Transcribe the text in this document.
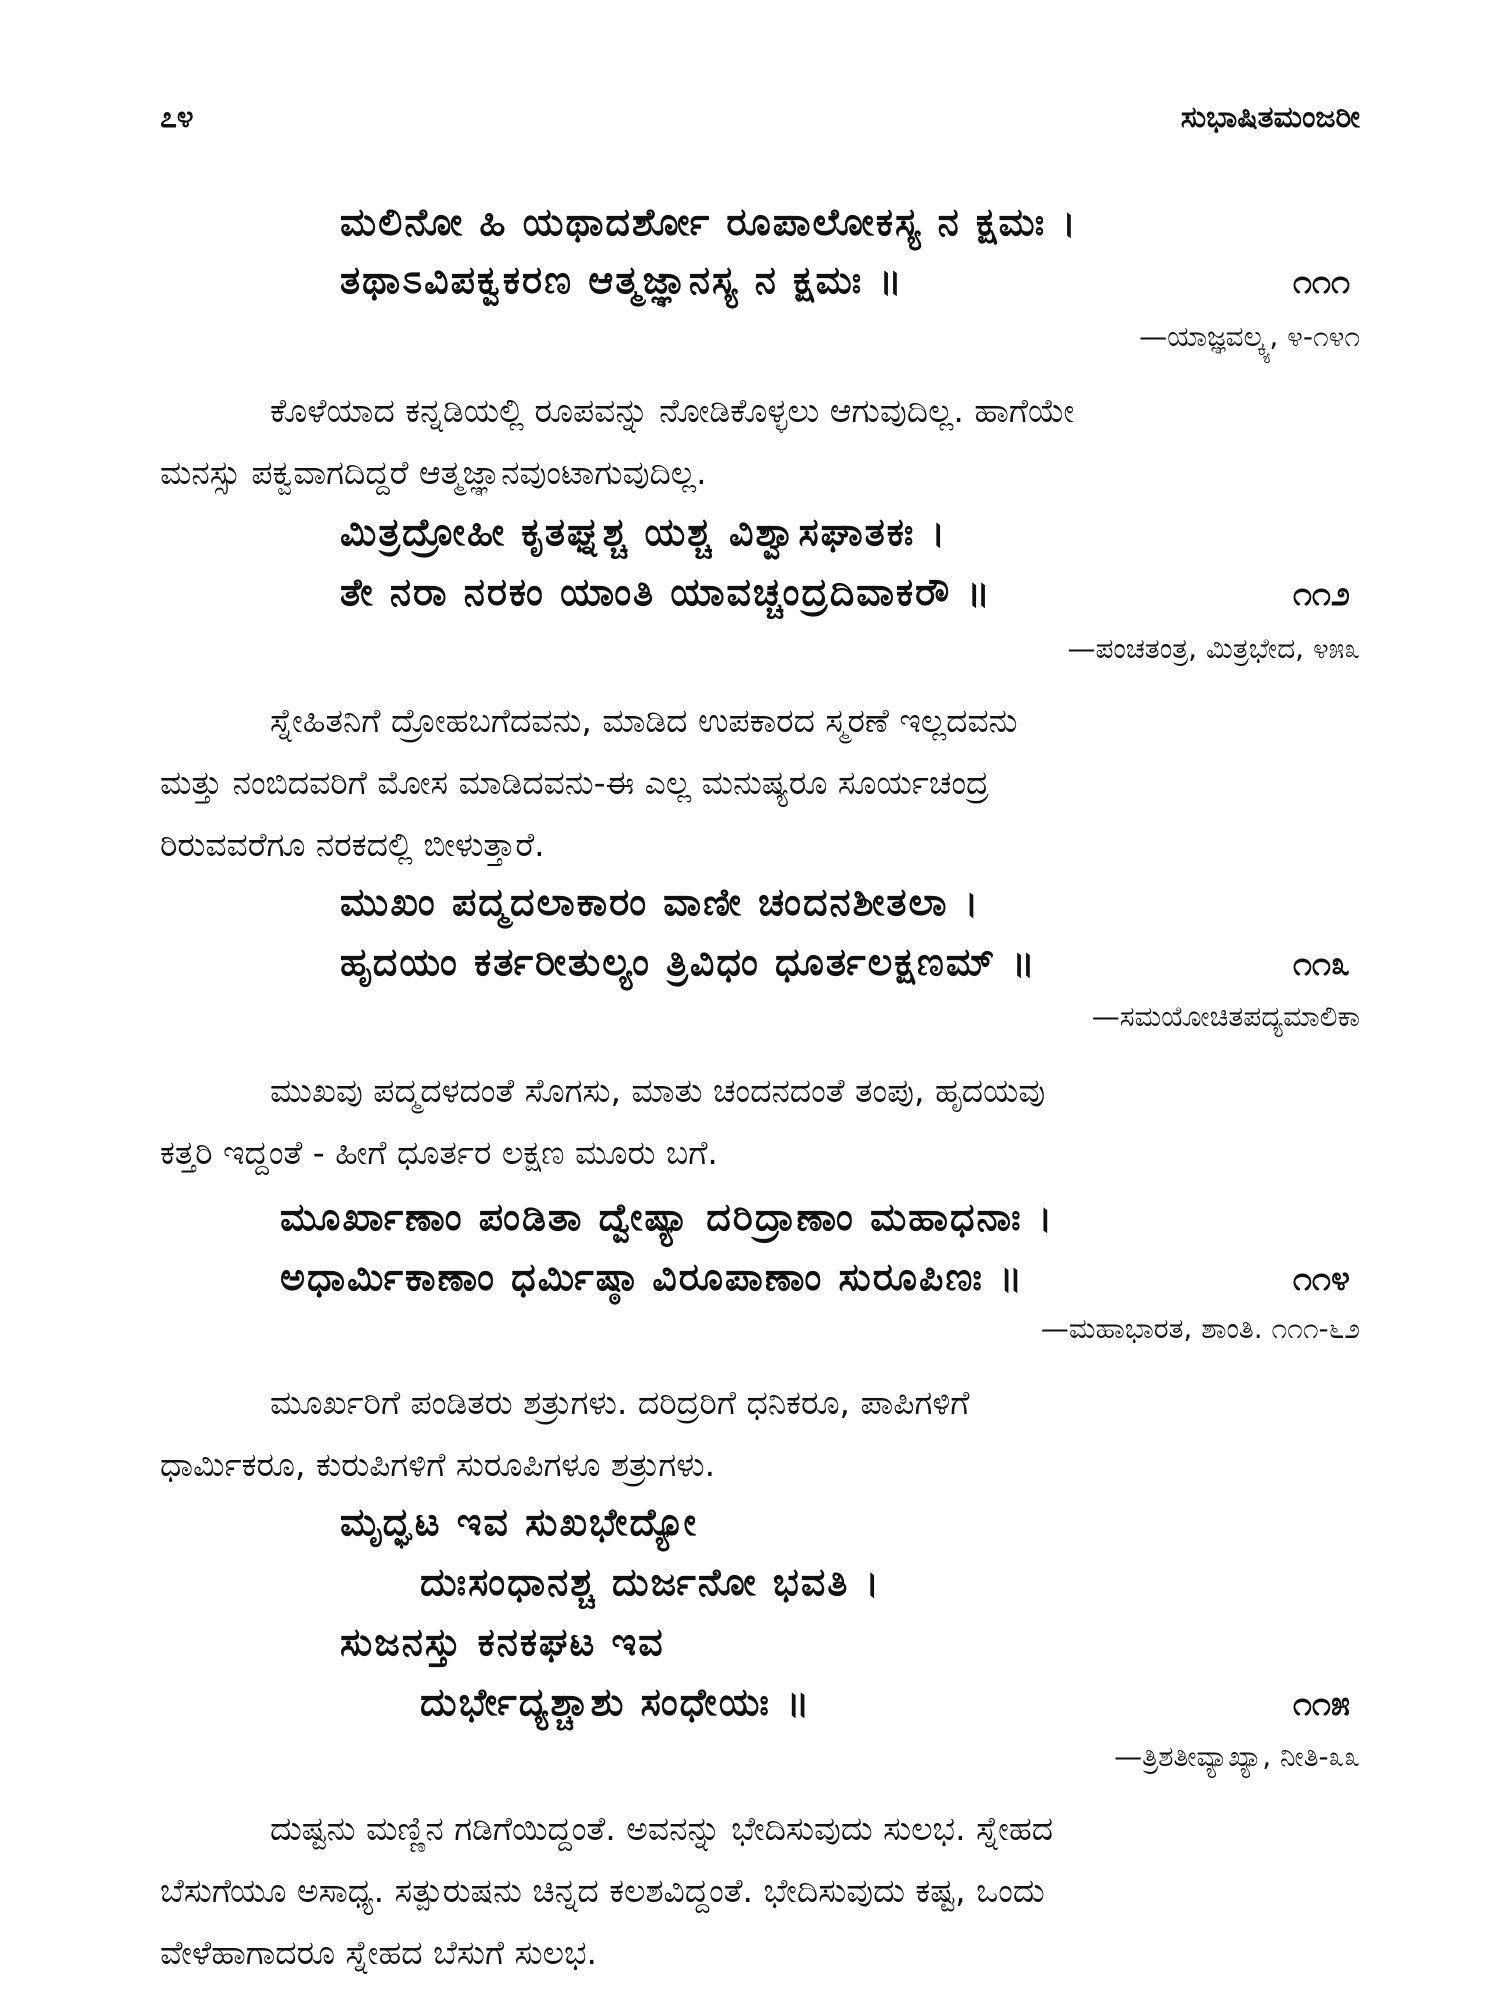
೭೪	ಸುಭಾಷಿತಮಂಜರೀ
ಮಲಿನೋ ಹಿ ಯಥಾದರ್ಶೋ ರೂಪಾಲೋಕಸ್ಯ ನ ಕ್ಷಮಃ ।
ತಥಾಽವಿಪಕ್ವಕರಣ ಆತ್ಮಜ್ಞಾನಸ್ಯ ನ ಕ್ಷಮಃ ॥	೧೧೧
—ಯಾಜ್ಞವಲ್ಕ್ಯ, ೪-೧೪೧
ಕೊಳೆಯಾದ ಕನ್ನಡಿಯಲ್ಲಿ ರೂಪವನ್ನು ನೋಡಿಕೊಳ್ಳಲು ಆಗುವುದಿಲ್ಲ. ಹಾಗೆಯೇ
ಮನಸ್ಸು ಪಕ್ವವಾಗದಿದ್ದರೆ ಆತ್ಮಜ್ಞಾನವುಂಟಾಗುವುದಿಲ್ಲ.
ಮಿತ್ರದ್ರೋಹೀ ಕೃತಘ್ನಶ್ಚ ಯಶ್ಚ ವಿಶ್ವಾಸಘಾತಕಃ ।
ತೇ ನರಾ ನರಕಂ ಯಾಂತಿ ಯಾವಚ್ಚಂದ್ರದಿವಾಕರೌ ॥	೧೧೨
—ಪಂಚತಂತ್ರ, ಮಿತ್ರಭೇದ, ೪೫೩
ಸ್ನೇಹಿತನಿಗೆ ದ್ರೋಹಬಗೆದವನು, ಮಾಡಿದ ಉಪಕಾರದ ಸ್ಮರಣೆ ಇಲ್ಲದವನು
ಮತ್ತು ನಂಬಿದವರಿಗೆ ಮೋಸ ಮಾಡಿದವನು-ಈ ಎಲ್ಲ ಮನುಷ್ಯರೂ ಸೂರ್ಯಚಂದ್ರ
ರಿರುವವರೆಗೂ ನರಕದಲ್ಲಿ ಬೀಳುತ್ತಾರೆ.
ಮುಖಂ ಪದ್ಮದಲಾಕಾರಂ ವಾಣೀ ಚಂದನಶೀತಲಾ ।
ಹೃದಯಂ ಕರ್ತರೀತುಲ್ಯಂ ತ್ರಿವಿಧಂ ಧೂರ್ತಲಕ್ಷಣಮ್ ॥	೧೧೩
—ಸಮಯೋಚಿತಪದ್ಯಮಾಲಿಕಾ
ಮುಖವು ಪದ್ಮದಳದಂತೆ ಸೊಗಸು, ಮಾತು ಚಂದನದಂತೆ ತಂಪು, ಹೃದಯವು
ಕತ್ತರಿ ಇದ್ದಂತೆ - ಹೀಗೆ ಧೂರ್ತರ ಲಕ್ಷಣ ಮೂರು ಬಗೆ.
ಮೂರ್ಖಾಣಾಂ ಪಂಡಿತಾ ದ್ವೇಷ್ಯಾ ದರಿದ್ರಾಣಾಂ ಮಹಾಧನಾಃ ।
ಅಧಾರ್ಮಿಕಾಣಾಂ ಧರ್ಮಿಷ್ಠಾ ವಿರೂಪಾಣಾಂ ಸುರೂಪಿಣಃ ॥	೧೧೪
—ಮಹಾಭಾರತ, ಶಾಂತಿ. ೧೧೧-೬೨
ಮೂರ್ಖರಿಗೆ ಪಂಡಿತರು ಶತ್ರುಗಳು. ದರಿದ್ರರಿಗೆ ಧನಿಕರೂ, ಪಾಪಿಗಳಿಗೆ
ಧಾರ್ಮಿಕರೂ, ಕುರುಪಿಗಳಿಗೆ ಸುರೂಪಿಗಳೂ ಶತ್ರುಗಳು.
ಮೃದ್ಘಟ ಇವ ಸುಖಭೇದ್ಯೋ
ದುಃಸಂಧಾನಶ್ಚ ದುರ್ಜನೋ ಭವತಿ ।
ಸುಜನಸ್ತು ಕನಕಘಟ ಇವ
ದುರ್ಭೇದ್ಯಶ್ಚಾಶು ಸಂಧೇಯಃ ॥	೧೧೫
—ತ್ರಿಶತೀವ್ಯಾಖ್ಯಾ, ನೀತಿ-೩೩
ದುಷ್ಟನು ಮಣ್ಣಿನ ಗಡಿಗೆಯಿದ್ದಂತೆ. ಅವನನ್ನು ಭೇದಿಸುವುದು ಸುಲಭ. ಸ್ನೇಹದ
ಬೆಸುಗೆಯೂ ಅಸಾಧ್ಯ. ಸತ್ಪುರುಷನು ಚಿನ್ನದ ಕಲಶವಿದ್ದಂತೆ. ಭೇದಿಸುವುದು ಕಷ್ಟ, ಒಂದು
ವೇಳೆಹಾಗಾದರೂ ಸ್ನೇಹದ ಬೆಸುಗೆ ಸುಲಭ.
